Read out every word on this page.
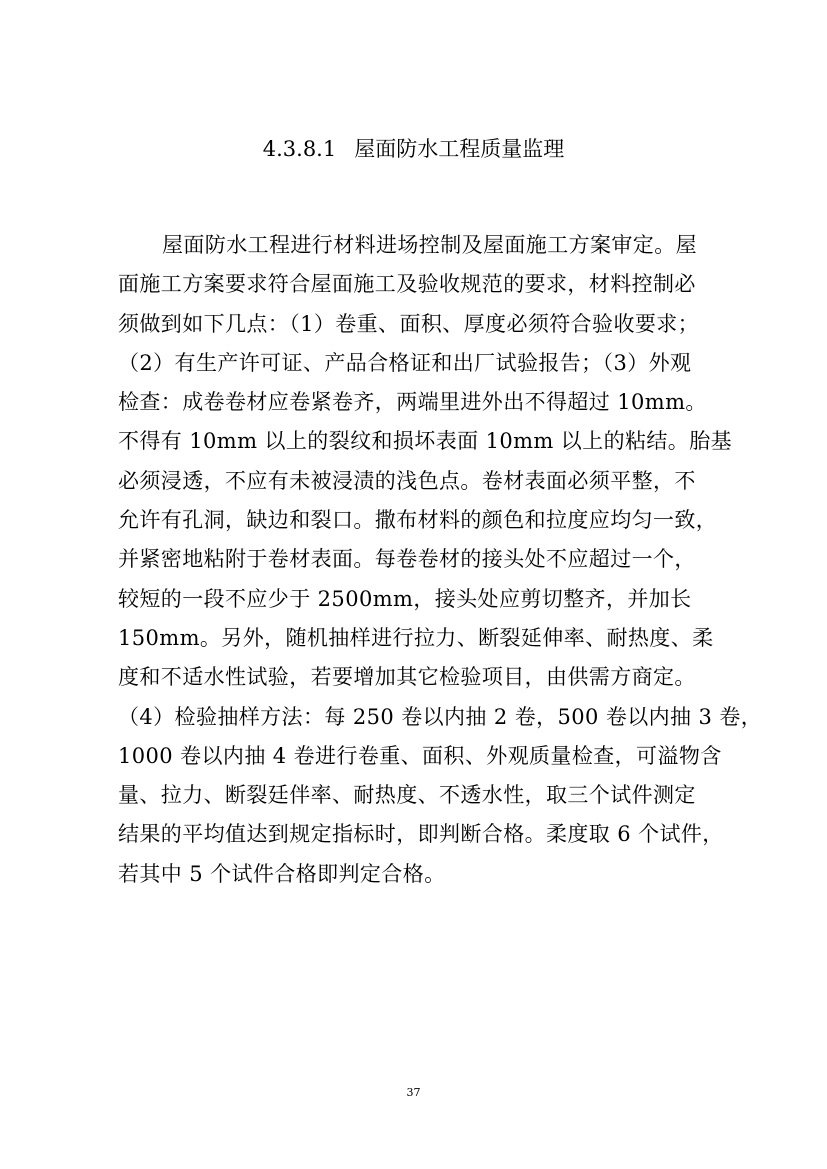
4.3.8.1 屋面防水工程质量监理
屋面防水工程进行材料进场控制及屋面施工方案审定。屋
面施工方案要求符合屋面施工及验收规范的要求，材料控制必
须做到如下几点：（1）卷重、面积、厚度必须符合验收要求；
（2）有生产许可证、产品合格证和出厂试验报告；（3）外观
检查：成卷卷材应卷紧卷齐，两端里进外出不得超过 10mm。
不得有 10mm 以上的裂纹和损坏表面 10mm 以上的粘结。胎基
必须浸透，不应有未被浸渍的浅色点。卷材表面必须平整，不
允许有孔洞，缺边和裂口。撒布材料的颜色和拉度应均匀一致，
并紧密地粘附于卷材表面。每卷卷材的接头处不应超过一个，
较短的一段不应少于 2500mm，接头处应剪切整齐，并加长
150mm。另外，随机抽样进行拉力、断裂延伸率、耐热度、柔
度和不适水性试验，若要增加其它检验项目，由供需方商定。
（4）检验抽样方法：每 250 卷以内抽 2 卷，500 卷以内抽 3 卷，
1000 卷以内抽 4 卷进行卷重、面积、外观质量检查，可溢物含
量、拉力、断裂廷伴率、耐热度、不透水性，取三个试件测定
结果的平均值达到规定指标时，即判断合格。柔度取 6 个试件，
若其中 5 个试件合格即判定合格。
37
